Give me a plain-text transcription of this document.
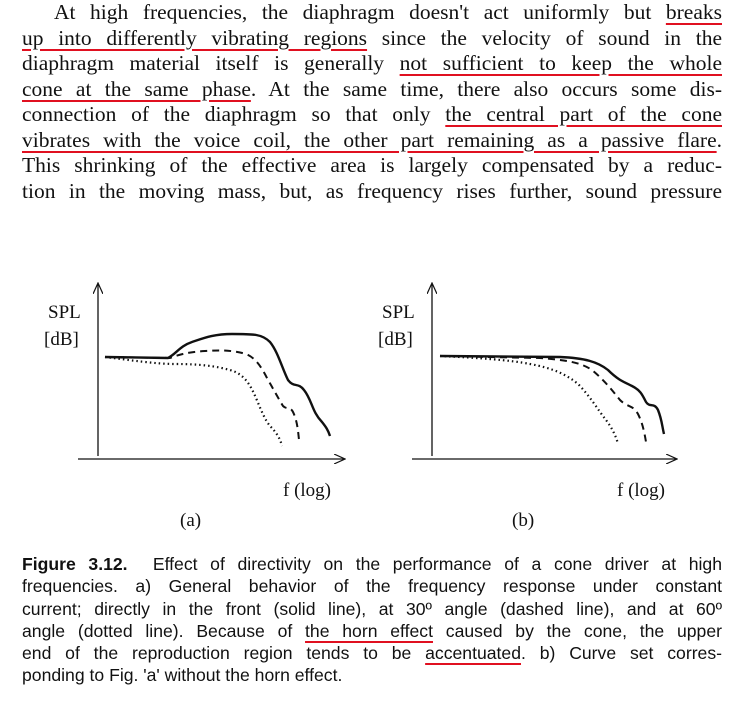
At high frequencies, the diaphragm doesn't act uniformly but breaks
up into differently vibrating regions since the velocity of sound in the
diaphragm material itself is generally not sufficient to keep the whole
cone at the same phase. At the same time, there also occurs some dis-
connection of the diaphragm so that only the central part of the cone
vibrates with the voice coil, the other part remaining as a passive flare.
This shrinking of the effective area is largely compensated by a reduc-
tion in the moving mass, but, as frequency rises further, sound pressure
SPL
[dB]
f (log)
(a)
SPL
[dB]
f (log)
(b)
Figure 3.12. Effect of directivity on the performance of a cone driver at high
frequencies. a) General behavior of the frequency response under constant
current; directly in the front (solid line), at 30º angle (dashed line), and at 60º
angle (dotted line). Because of the horn effect caused by the cone, the upper
end of the reproduction region tends to be accentuated. b) Curve set corres-
ponding to Fig. 'a' without the horn effect.
